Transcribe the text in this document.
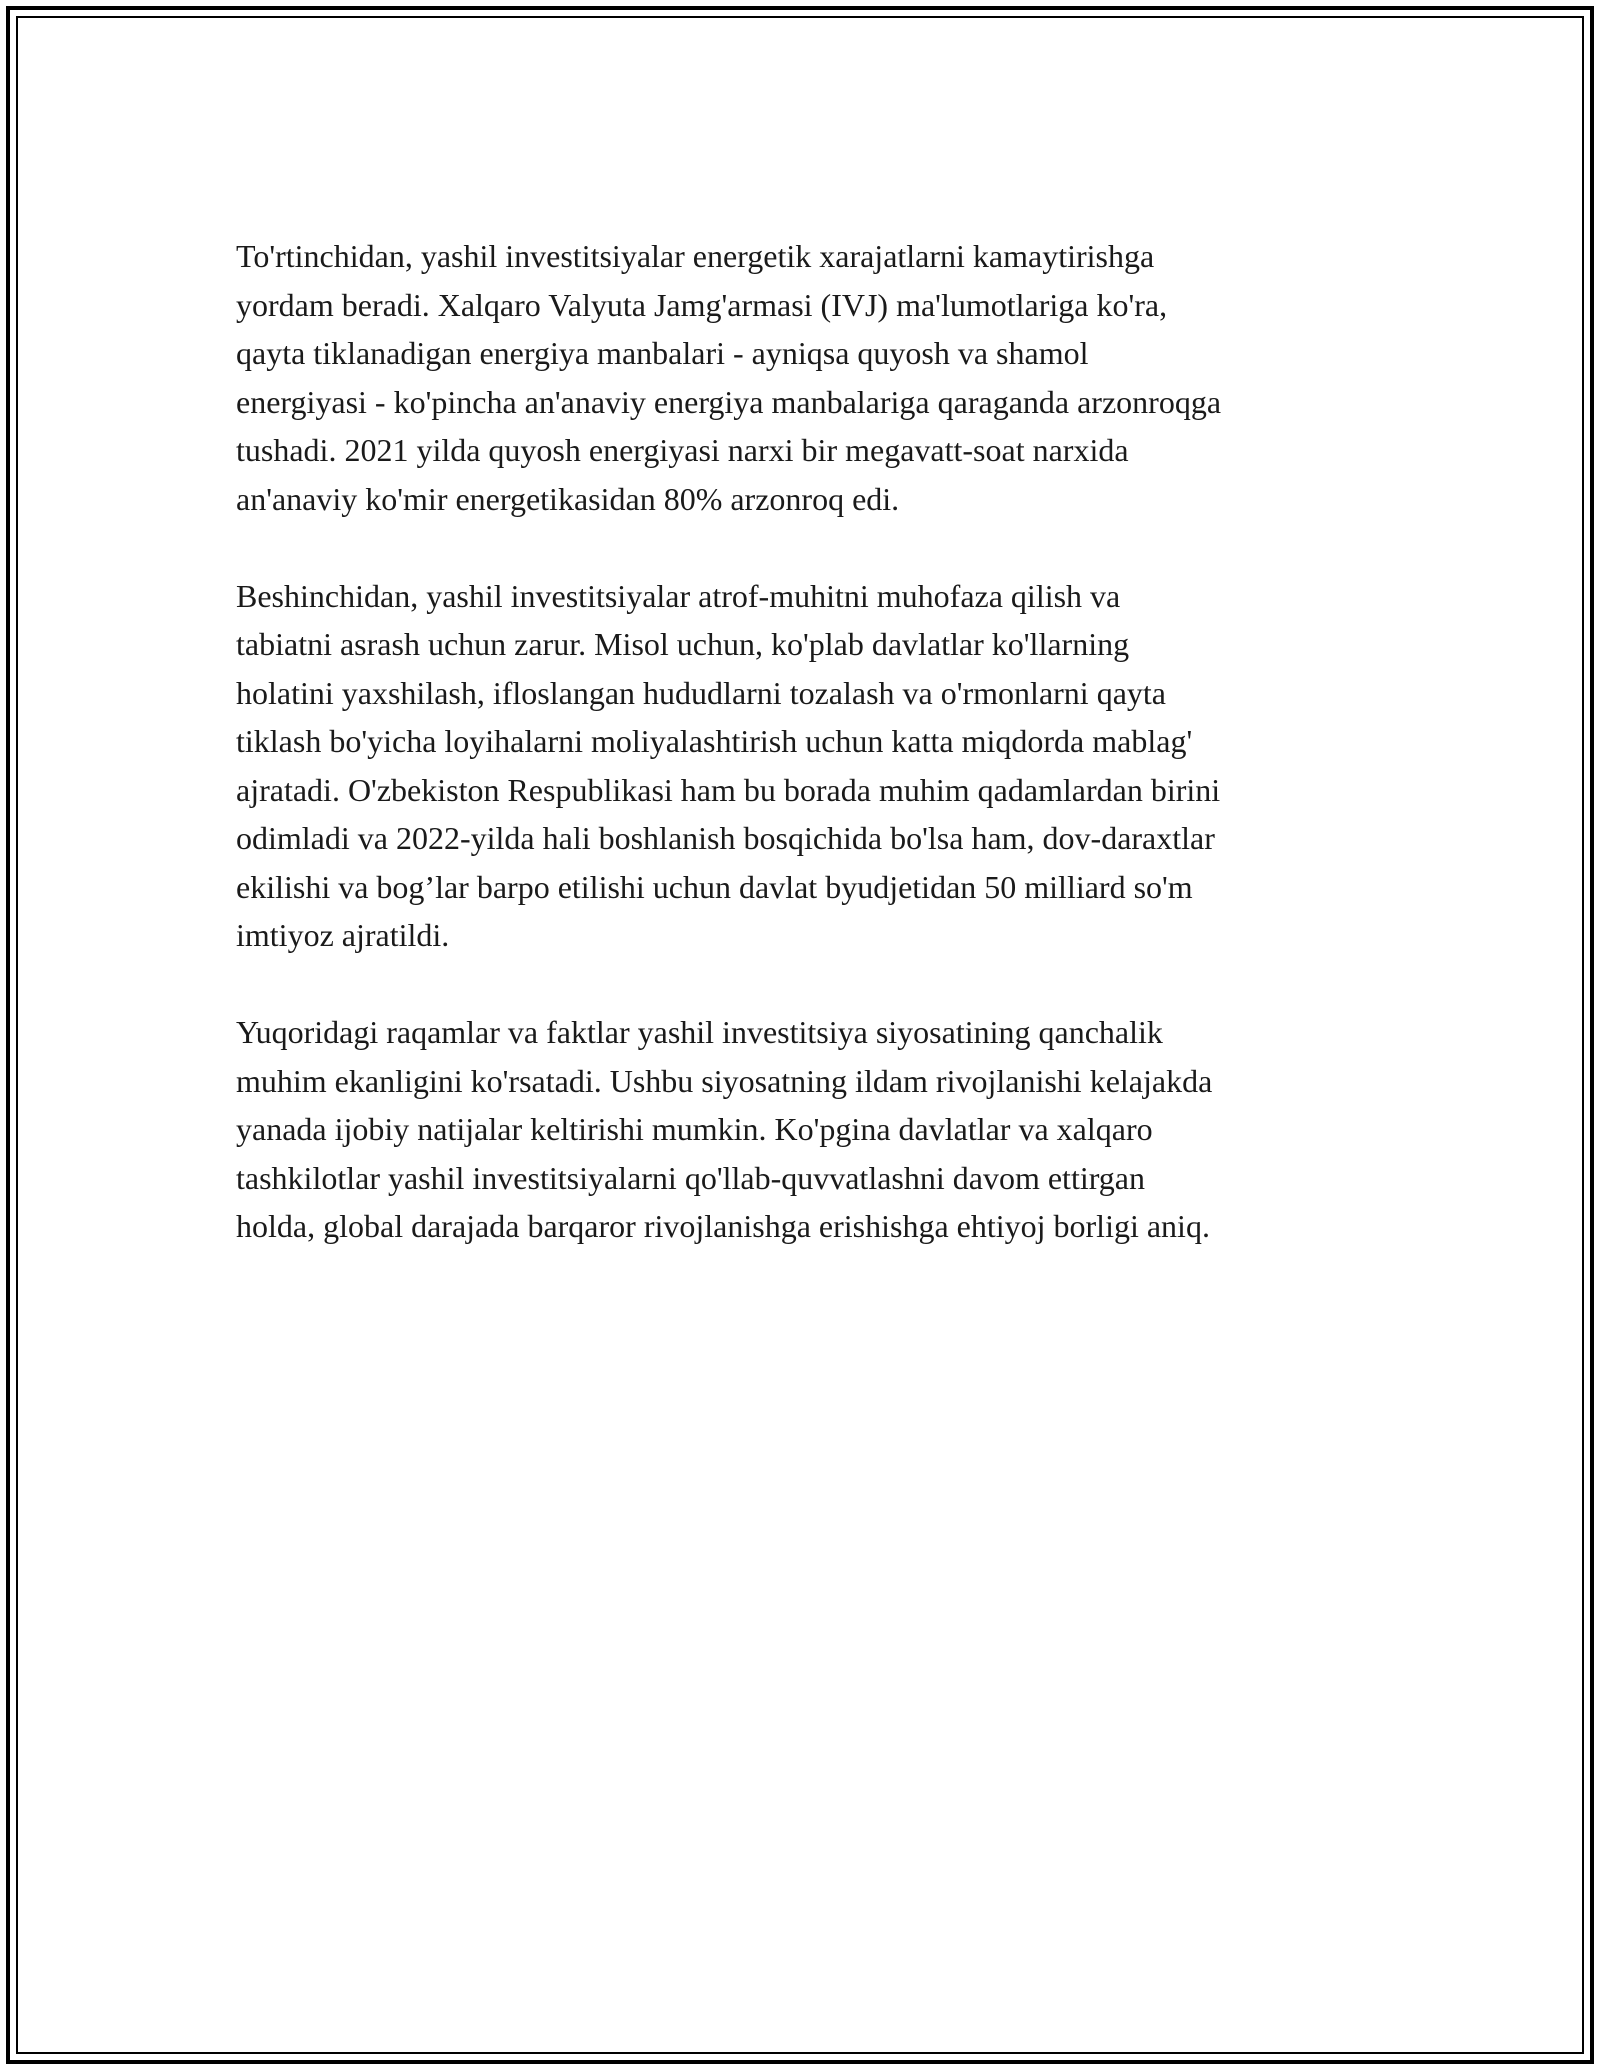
To'rtinchidan, yashil investitsiyalar energetik xarajatlarni kamaytirishga
yordam beradi. Xalqaro Valyuta Jamg'armasi (IVJ) ma'lumotlariga ko'ra,
qayta tiklanadigan energiya manbalari - ayniqsa quyosh va shamol
energiyasi - ko'pincha an'anaviy energiya manbalariga qaraganda arzonroqga
tushadi. 2021 yilda quyosh energiyasi narxi bir megavatt-soat narxida
an'anaviy ko'mir energetikasidan 80% arzonroq edi.

Beshinchidan, yashil investitsiyalar atrof-muhitni muhofaza qilish va
tabiatni asrash uchun zarur. Misol uchun, ko'plab davlatlar ko'llarning
holatini yaxshilash, ifloslangan hududlarni tozalash va o'rmonlarni qayta
tiklash bo'yicha loyihalarni moliyalashtirish uchun katta miqdorda mablag'
ajratadi. O'zbekiston Respublikasi ham bu borada muhim qadamlardan birini
odimladi va 2022-yilda hali boshlanish bosqichida bo'lsa ham, dov-daraxtlar
ekilishi va bog’lar barpo etilishi uchun davlat byudjetidan 50 milliard so'm
imtiyoz ajratildi.

Yuqoridagi raqamlar va faktlar yashil investitsiya siyosatining qanchalik
muhim ekanligini ko'rsatadi. Ushbu siyosatning ildam rivojlanishi kelajakda
yanada ijobiy natijalar keltirishi mumkin. Ko'pgina davlatlar va xalqaro
tashkilotlar yashil investitsiyalarni qo'llab-quvvatlashni davom ettirgan
holda, global darajada barqaror rivojlanishga erishishga ehtiyoj borligi aniq.
